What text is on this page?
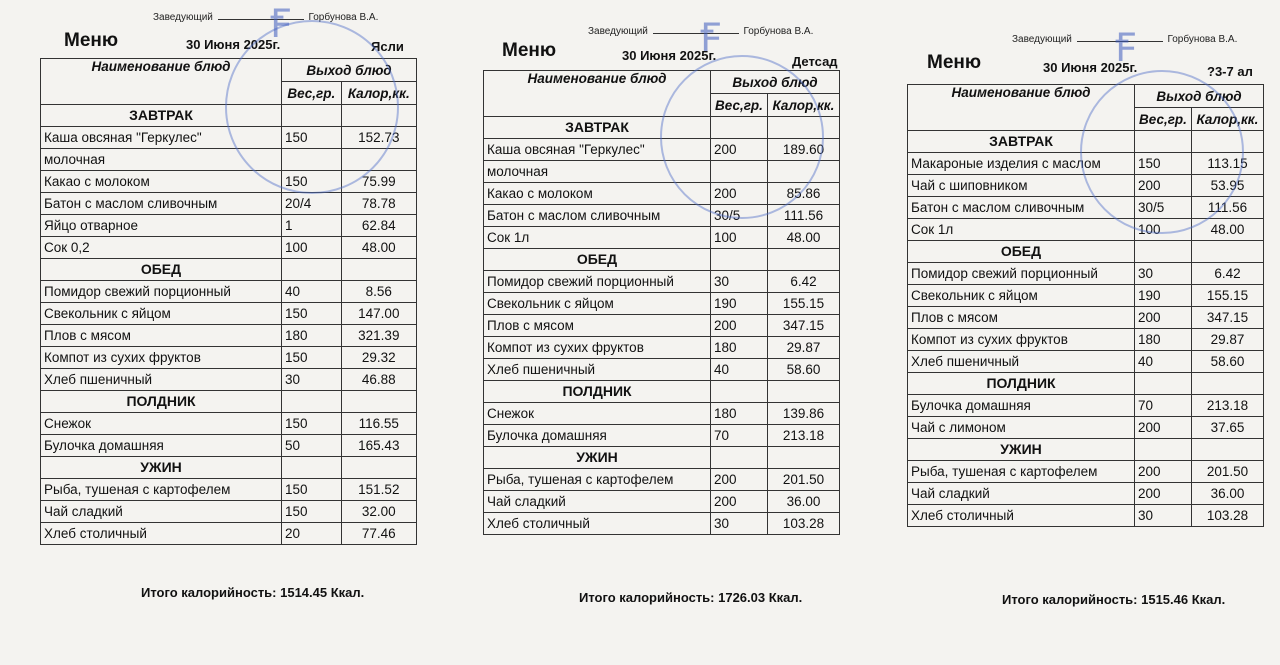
Заведующий	Горбунова В.А.
Меню	30 Июня 2025г.	Ясли
Наименование блюд	Выход блюд	
	Вес,гр.	Калор,кк.
ЗАВТРАК		
Каша овсяная "Геркулес"	150	152.73
молочная		
Какао с молоком	150	75.99
Батон с маслом сливочным	20/4	78.78
Яйцо отварное	1	62.84
Сок 0,2	100	48.00
ОБЕД		
Помидор свежий порционный	40	8.56
Свекольник с яйцом	150	147.00
Плов с мясом	180	321.39
Компот из сухих фруктов	150	29.32
Хлеб пшеничный	30	46.88
ПОЛДНИК		
Снежок	150	116.55
Булочка домашняя	50	165.43
УЖИН		
Рыба, тушеная с картофелем	150	151.52
Чай сладкий	150	32.00
Хлеб столичный	20	77.46
Итого калорийность: 1514.45 Ккал.
Заведующий	Горбунова В.А.
Меню	30 Июня 2025г.	Детсад
Наименование блюд	Выход блюд	
	Вес,гр.	Калор,кк.
ЗАВТРАК		
Каша овсяная "Геркулес"	200	189.60
молочная		
Какао с молоком	200	85.86
Батон с маслом сливочным	30/5	111.56
Сок 1л	100	48.00
ОБЕД		
Помидор свежий порционный	30	6.42
Свекольник с яйцом	190	155.15
Плов с мясом	200	347.15
Компот из сухих фруктов	180	29.87
Хлеб пшеничный	40	58.60
ПОЛДНИК		
Снежок	180	139.86
Булочка домашняя	70	213.18
УЖИН		
Рыба, тушеная с картофелем	200	201.50
Чай сладкий	200	36.00
Хлеб столичный	30	103.28
Итого калорийность: 1726.03 Ккал.
Заведующий	Горбунова В.А.
Меню	30 Июня 2025г.	?3-7 ал
Наименование блюд	Выход блюд	
	Вес,гр.	Калор,кк.
ЗАВТРАК		
Макароные изделия с маслом	150	113.15
Чай с шиповником	200	53.95
Батон с маслом сливочным	30/5	111.56
Сок 1л	100	48.00
ОБЕД		
Помидор свежий порционный	30	6.42
Свекольник с яйцом	190	155.15
Плов с мясом	200	347.15
Компот из сухих фруктов	180	29.87
Хлеб пшеничный	40	58.60
ПОЛДНИК		
Булочка домашняя	70	213.18
Чай с лимоном	200	37.65
УЖИН		
Рыба, тушеная с картофелем	200	201.50
Чай сладкий	200	36.00
Хлеб столичный	30	103.28
Итого калорийность: 1515.46 Ккал.
Ꞙ	Ꞙ	Ꞙ
